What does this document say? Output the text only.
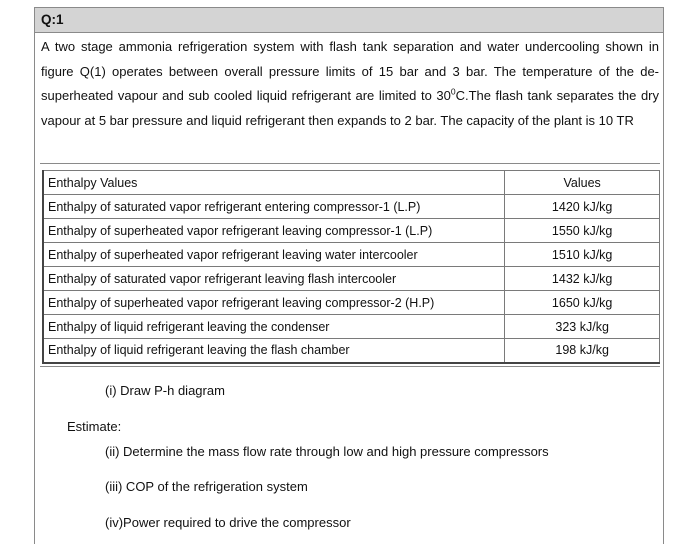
Q:1

A two stage ammonia refrigeration system with flash tank separation and water undercooling shown in figure Q(1) operates between overall pressure limits of 15 bar and 3 bar. The temperature of the de-superheated vapour and sub cooled liquid refrigerant are limited to $30^0C.The$ flash tank separates the dry vapour at 5 bar pressure and liquid refrigerant then expands to 2 bar. The capacity of the plant is 10 TR

Enthalpy Values	Values
Enthalpy of saturated vapor refrigerant entering compressor-1 (L.P)	1420 kJ/kg
Enthalpy of superheated vapor refrigerant leaving compressor-1 (L.P)	1550 kJ/kg
Enthalpy of superheated vapor refrigerant leaving water intercooler	1510 kJ/kg
Enthalpy of saturated vapor refrigerant leaving flash intercooler	1432 kJ/kg
Enthalpy of superheated vapor refrigerant leaving compressor-2 (H.P)	1650 kJ/kg
Enthalpy of liquid refrigerant leaving the condenser	323 kJ/kg
Enthalpy of liquid refrigerant leaving the flash chamber	198 kJ/kg
(i) Draw P-h diagram
Estimate:
(ii) Determine the mass flow rate through low and high pressure compressors
(iii) COP of the refrigeration system
(iv)Power required to drive the compressor
